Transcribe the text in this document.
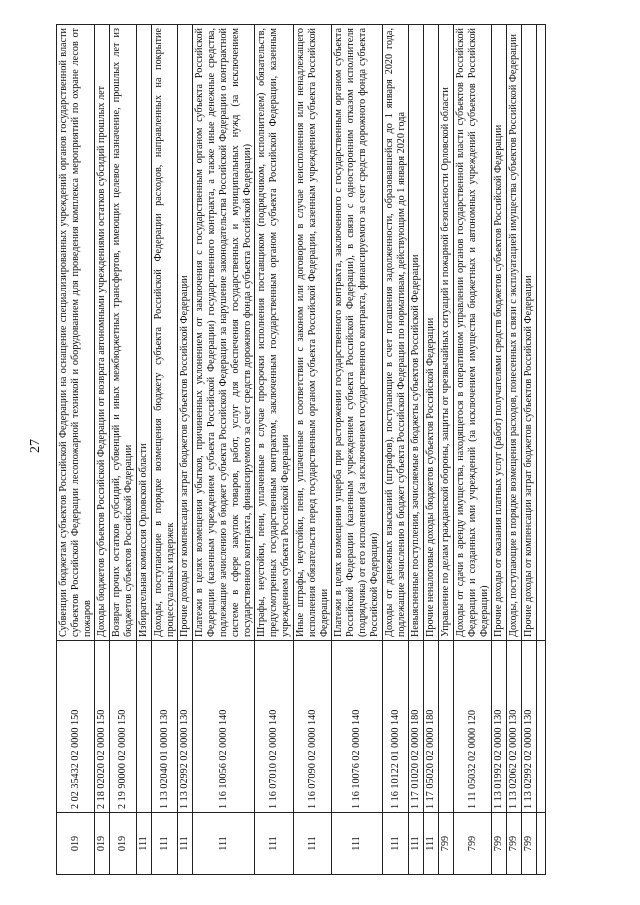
27
019	2 02 35432 02 0000 150	Субвенции бюджетам субъектов Российской Федерации на оснащение специализированных учреждений органов государственной власти субъектов Российской Федерации лесопожарной техникой и оборудованием для проведения комплекса мероприятий по охране лесов от пожаров
019	2 18 02020 02 0000 150	Доходы бюджетов субъектов Российской Федерации от возврата автономными учреждениями остатков субсидий прошлых лет
019	2 19 90000 02 0000 150	Возврат прочих остатков субсидий, субвенций и иных межбюджетных трансфертов, имеющих целевое назначение, прошлых лет из бюджетов субъектов Российской Федерации
111		Избирательная комиссия Орловской области
111	1 13 02040 01 0000 130	Доходы, поступающие в порядке возмещения бюджету субъекта Российской Федерации расходов, направленных на покрытие процессуальных издержек
111	1 13 02992 02 0000 130	Прочие доходы от компенсации затрат бюджетов субъектов Российской Федерации
111	1 16 10056 02 0000 140	Платежи в целях возмещения убытков, причиненных уклонением от заключения с государственным органом субъекта Российской Федерации (казенным учреждением субъекта Российской Федерации) государственного контракта, а также иные денежные средства, подлежащие зачислению в бюджет субъекта Российской Федерации за нарушение законодательства Российской Федерации о контрактной системе в сфере закупок товаров, работ, услуг для обеспечения государственных и муниципальных нужд (за исключением государственного контракта, финансируемого за счет средств дорожного фонда субъекта Российской Федерации)
111	1 16 07010 02 0000 140	Штрафы, неустойки, пени, уплаченные в случае просрочки исполнения поставщиком (подрядчиком, исполнителем) обязательств, предусмотренных государственным контрактом, заключенным государственным органом субъекта Российской Федерации, казенным учреждением субъекта Российской Федерации
111	1 16 07090 02 0000 140	Иные штрафы, неустойки, пени, уплаченные в соответствии с законом или договором в случае неисполнения или ненадлежащего исполнения обязательств перед государственным органом субъекта Российской Федерации, казенным учреждением субъекта Российской Федерации
111	1 16 10076 02 0000 140	Платежи в целях возмещения ущерба при расторжении государственного контракта, заключенного с государственным органом субъекта Российской Федерации (казенным учреждением субъекта Российской Федерации), в связи с односторонним отказом исполнителя (подрядчика) от его исполнения (за исключением государственного контракта, финансируемого за счет средств дорожного фонда субъекта Российской Федерации)
111	1 16 10122 01 0000 140	Доходы от денежных взысканий (штрафов), поступающие в счет погашения задолженности, образовавшейся до 1 января 2020 года, подлежащие зачислению в бюджет субъекта Российской Федерации по нормативам, действующим до 1 января 2020 года
111	1 17 01020 02 0000 180	Невыясненные поступления, зачисляемые в бюджеты субъектов Российской Федерации
111	1 17 05020 02 0000 180	Прочие неналоговые доходы бюджетов субъектов Российской Федерации
799		Управление по делам гражданской обороны, защиты от чрезвычайных ситуаций и пожарной безопасности Орловской области
799	1 11 05032 02 0000 120	Доходы от сдачи в аренду имущества, находящегося в оперативном управлении органов государственной власти субъектов Российской Федерации и созданных ими учреждений (за исключением имущества бюджетных и автономных учреждений субъектов Российской Федерации)
799	1 13 01992 02 0000 130	Прочие доходы от оказания платных услуг (работ) получателями средств бюджетов субъектов Российской Федерации
799	1 13 02062 02 0000 130	Доходы, поступающие в порядке возмещения расходов, понесенных в связи с эксплуатацией имущества субъектов Российской Федерации
799	1 13 02992 02 0000 130	Прочие доходы от компенсации затрат бюджетов субъектов Российской Федерации
